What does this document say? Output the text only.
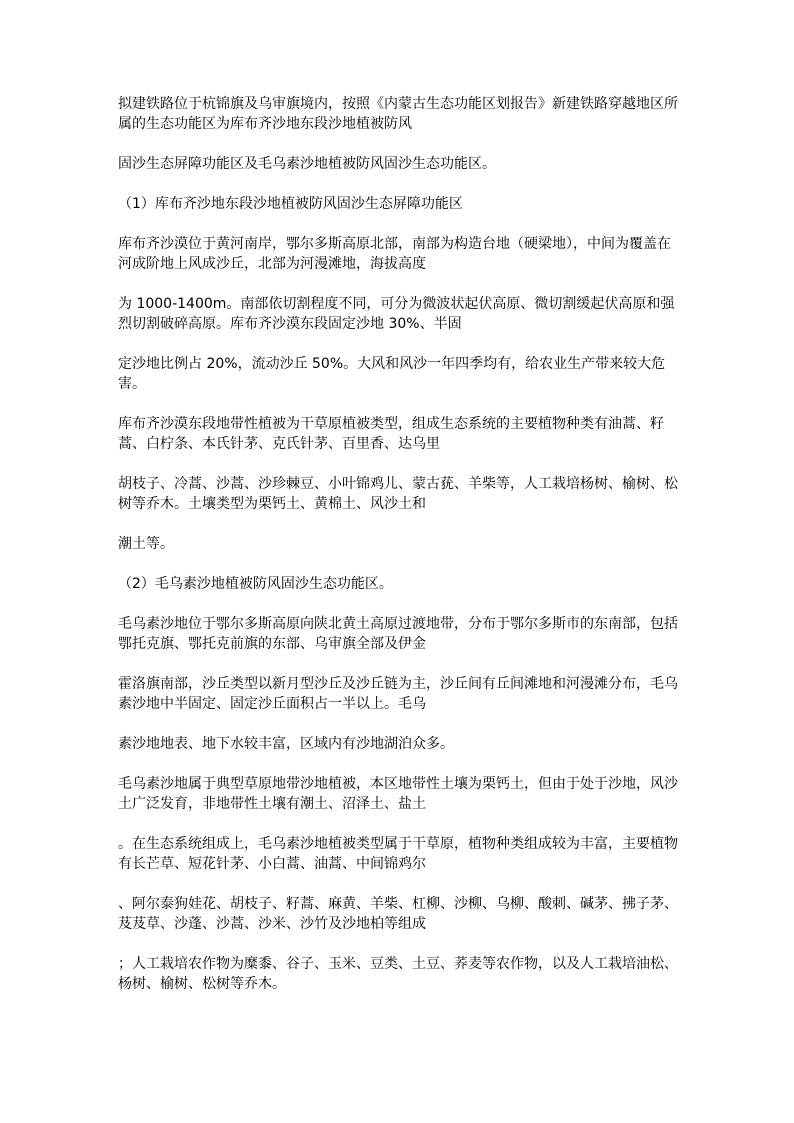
拟建铁路位于杭锦旗及乌审旗境内，按照《内蒙古生态功能区划报告》新建铁路穿越地区所属的生态功能区为库布齐沙地东段沙地植被防风

固沙生态屏障功能区及毛乌素沙地植被防风固沙生态功能区。

（1）库布齐沙地东段沙地植被防风固沙生态屏障功能区

库布齐沙漠位于黄河南岸，鄂尔多斯高原北部，南部为构造台地（硬梁地），中间为覆盖在河成阶地上风成沙丘，北部为河漫滩地，海拔高度

为 1000-1400m。南部依切割程度不同，可分为微波状起伏高原、微切割缓起伏高原和强烈切割破碎高原。库布齐沙漠东段固定沙地 30%、半固

定沙地比例占 20%，流动沙丘 50%。大风和风沙一年四季均有，给农业生产带来较大危害。

库布齐沙漠东段地带性植被为干草原植被类型，组成生态系统的主要植物种类有油蒿、籽蒿、白柠条、本氏针茅、克氏针茅、百里香、达乌里

胡枝子、冷蒿、沙蒿、沙珍棘豆、小叶锦鸡儿、蒙古莸、羊柴等，人工栽培杨树、榆树、松树等乔木。土壤类型为栗钙土、黄棉土、风沙土和

潮土等。

（2）毛乌素沙地植被防风固沙生态功能区。

毛乌素沙地位于鄂尔多斯高原向陕北黄土高原过渡地带，分布于鄂尔多斯市的东南部，包括鄂托克旗、鄂托克前旗的东部、乌审旗全部及伊金

霍洛旗南部，沙丘类型以新月型沙丘及沙丘链为主，沙丘间有丘间滩地和河漫滩分布，毛乌素沙地中半固定、固定沙丘面积占一半以上。毛乌

素沙地地表、地下水较丰富，区域内有沙地湖泊众多。

毛乌素沙地属于典型草原地带沙地植被，本区地带性土壤为栗钙土，但由于处于沙地，风沙土广泛发育，非地带性土壤有潮土、沼泽土、盐土

。在生态系统组成上，毛乌素沙地植被类型属于干草原，植物种类组成较为丰富，主要植物有长芒草、短花针茅、小白蒿、油蒿、中间锦鸡尔

、阿尔泰狗娃花、胡枝子、籽蒿、麻黄、羊柴、杠柳、沙柳、乌柳、酸刺、碱茅、拂子茅、芨芨草、沙蓬、沙蒿、沙米、沙竹及沙地柏等组成

；人工栽培农作物为糜黍、谷子、玉米、豆类、土豆、荞麦等农作物，以及人工栽培油松、杨树、榆树、松树等乔木。
